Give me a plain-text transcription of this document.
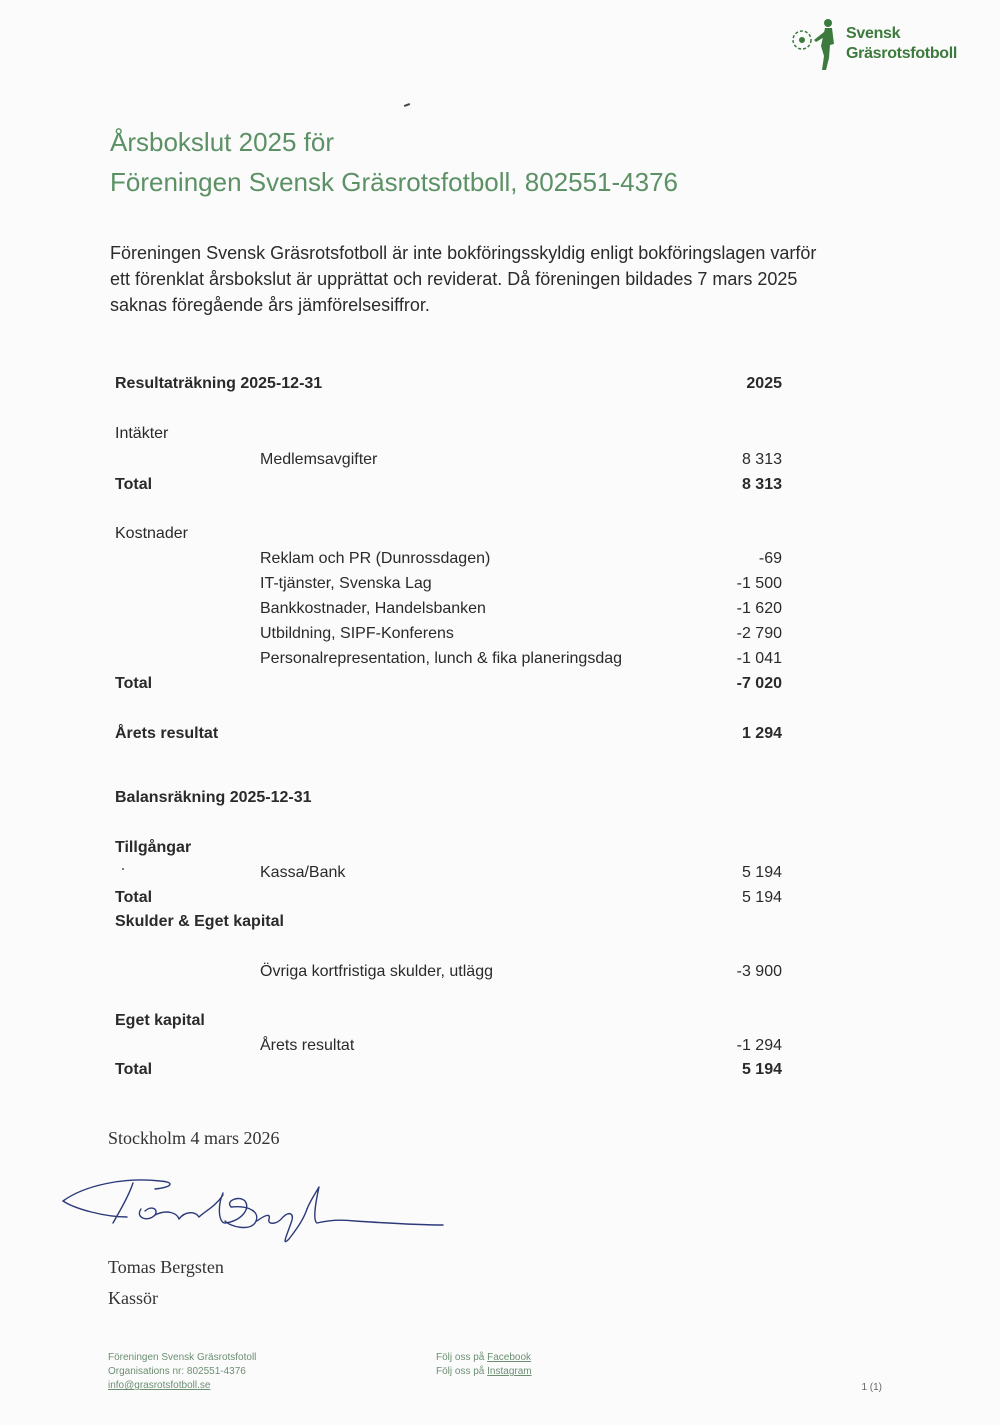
Svensk
Gräsrotsfotboll
Årsbokslut 2025 för
Föreningen Svensk Gräsrotsfotboll, 802551-4376
Föreningen Svensk Gräsrotsfotboll är inte bokföringsskyldig enligt bokföringslagen varför
ett förenklat årsbokslut är upprättat och reviderat. Då föreningen bildades 7 mars 2025
saknas föregående års jämförelsesiffror.
Resultaträkning 2025-12-31	2025
Intäkter
Medlemsavgifter	8 313
Total	8 313
Kostnader
Reklam och PR (Dunrossdagen)	-69
IT-tjänster, Svenska Lag	-1 500
Bankkostnader, Handelsbanken	-1 620
Utbildning, SIPF-Konferens	-2 790
Personalrepresentation, lunch & fika planeringsdag	-1 041
Total	-7 020
Årets resultat	1 294
Balansräkning 2025-12-31
Tillgångar
Kassa/Bank	5 194
Total	5 194
Skulder & Eget kapital
Övriga kortfristiga skulder, utlägg	-3 900
Eget kapital
Årets resultat	-1 294
Total	5 194
Stockholm 4 mars 2026
Tomas Bergsten
Kassör
Föreningen Svensk Gräsrotsfotoll
Organisations nr: 802551-4376
info@grasrotsfotboll.se
Följ oss på Facebook
Följ oss på Instagram
1 (1)
